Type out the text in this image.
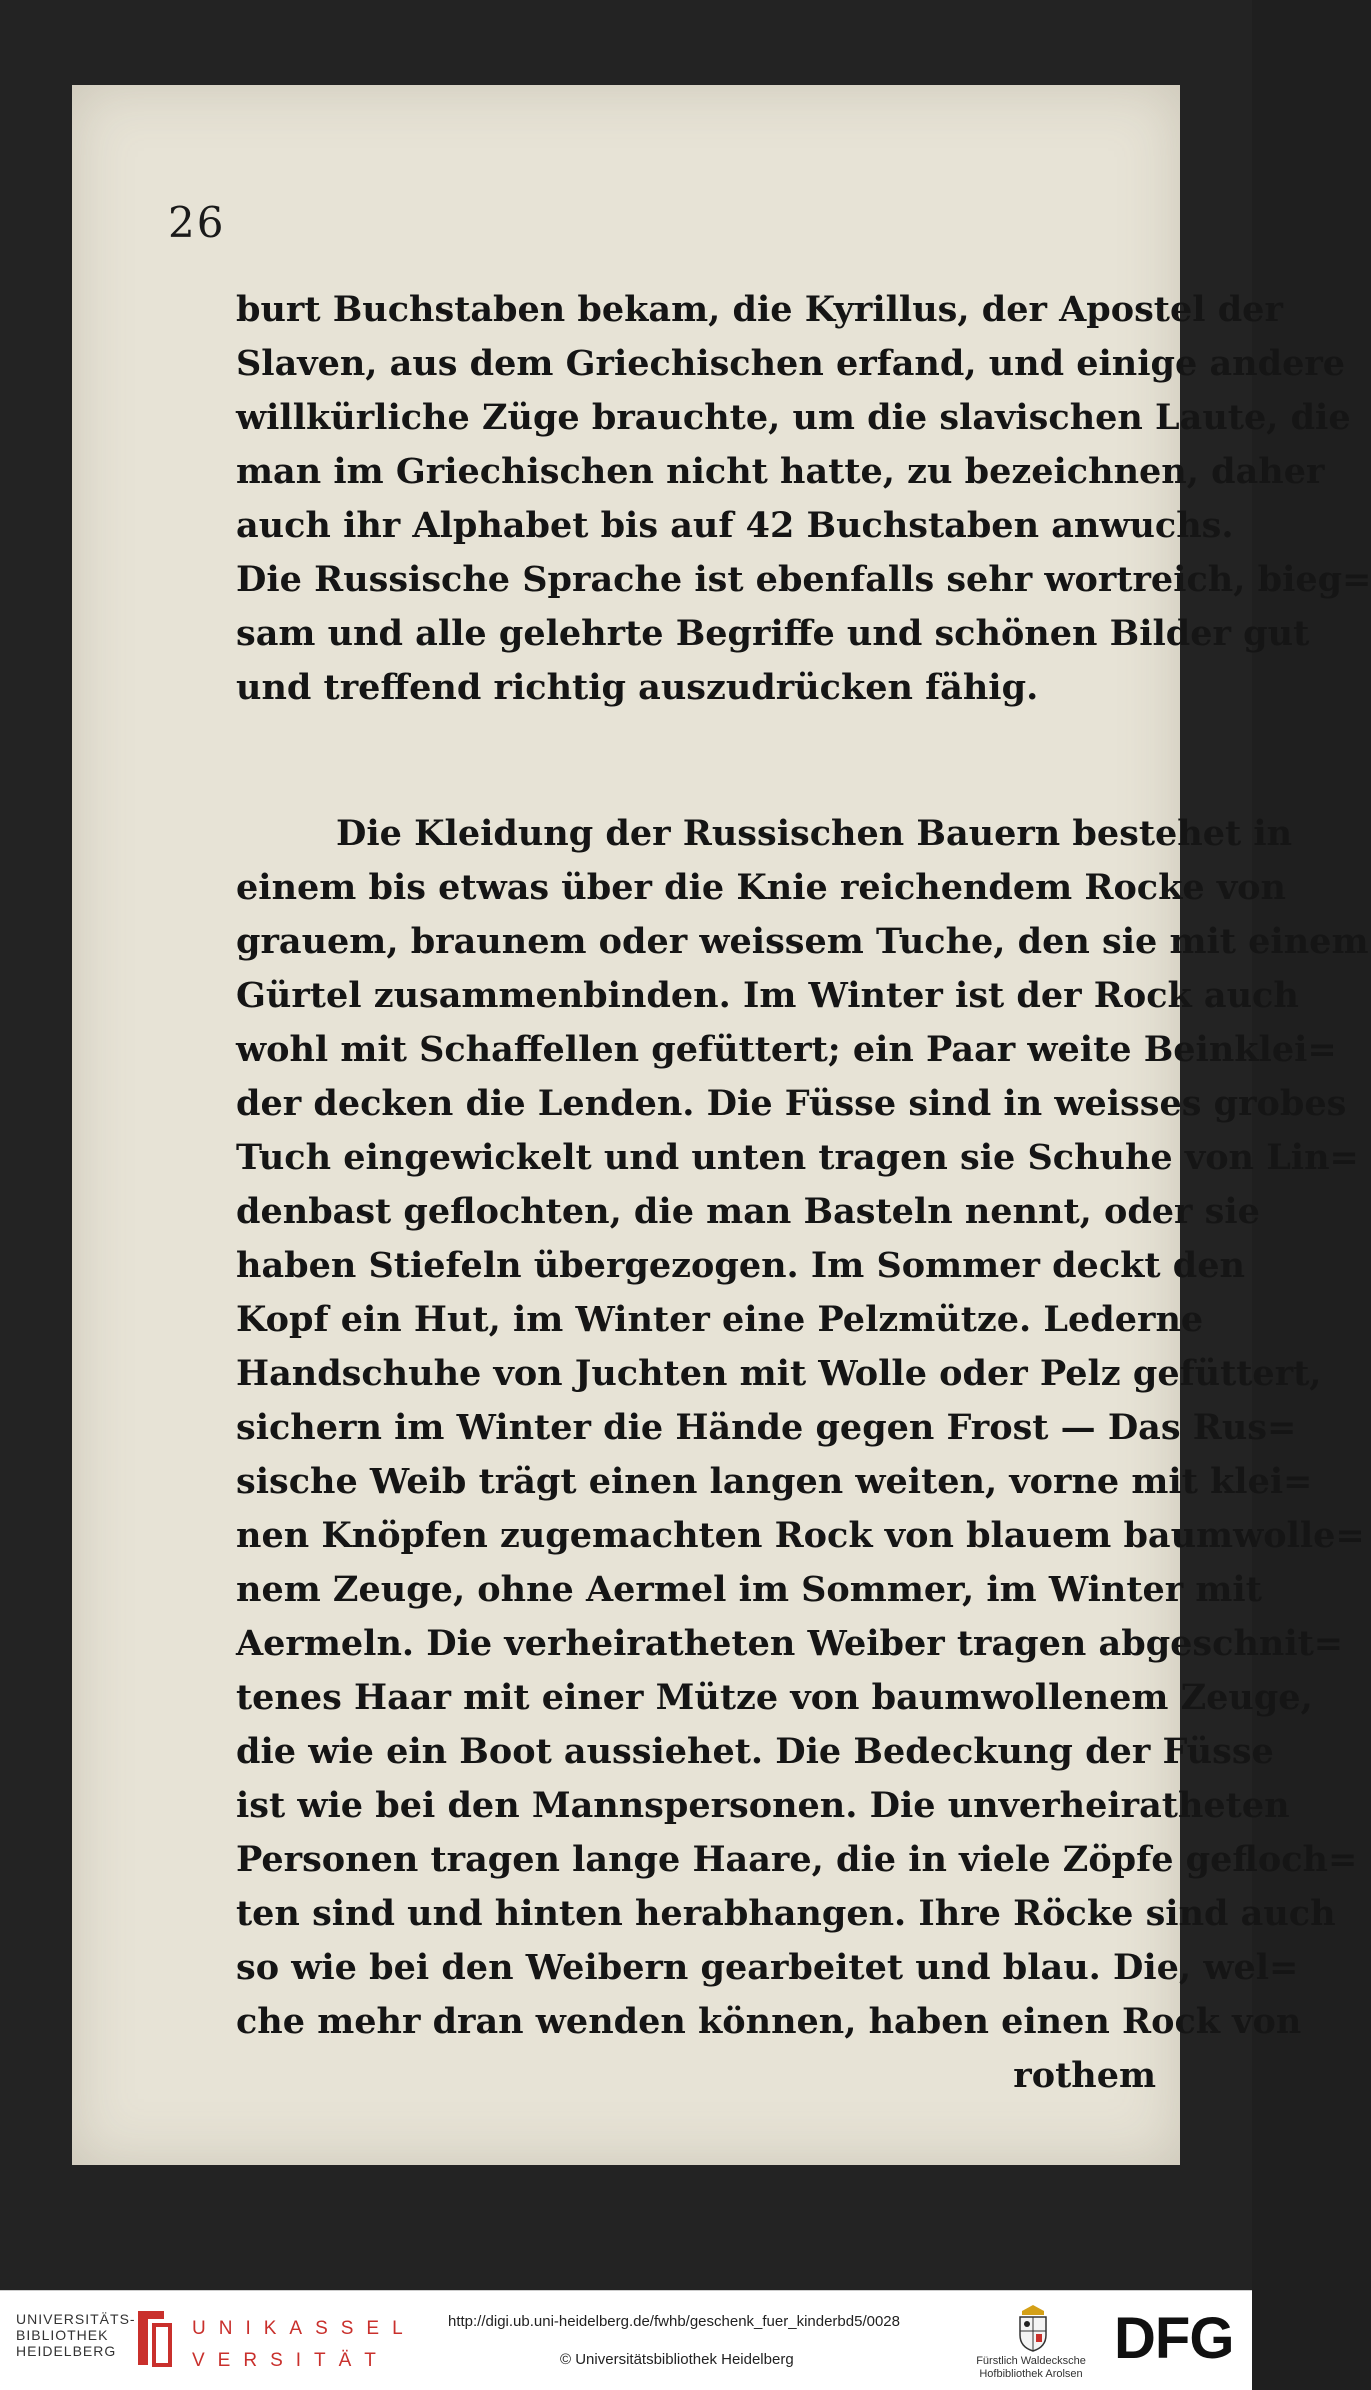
26
burt Buchstaben bekam, die Kyrillus, der Apostel der
Slaven, aus dem Griechischen erfand, und einige andere
willkürliche Züge brauchte, um die slavischen Laute, die
man im Griechischen nicht hatte, zu bezeichnen, daher
auch ihr Alphabet bis auf 42 Buchstaben anwuchs.
Die Russische Sprache ist ebenfalls sehr wortreich, bieg=
sam und alle gelehrte Begriffe und schönen Bilder gut
und treffend richtig auszudrücken fähig.
Die Kleidung der Russischen Bauern bestehet in
einem bis etwas über die Knie reichendem Rocke von
grauem, braunem oder weissem Tuche, den sie mit einem
Gürtel zusammenbinden. Im Winter ist der Rock auch
wohl mit Schaffellen gefüttert; ein Paar weite Beinklei=
der decken die Lenden. Die Füsse sind in weisses grobes
Tuch eingewickelt und unten tragen sie Schuhe von Lin=
denbast geflochten, die man Basteln nennt, oder sie
haben Stiefeln übergezogen. Im Sommer deckt den
Kopf ein Hut, im Winter eine Pelzmütze. Lederne
Handschuhe von Juchten mit Wolle oder Pelz gefüttert,
sichern im Winter die Hände gegen Frost — Das Rus=
sische Weib trägt einen langen weiten, vorne mit klei=
nen Knöpfen zugemachten Rock von blauem baumwolle=
nem Zeuge, ohne Aermel im Sommer, im Winter mit
Aermeln. Die verheiratheten Weiber tragen abgeschnit=
tenes Haar mit einer Mütze von baumwollenem Zeuge,
die wie ein Boot aussiehet. Die Bedeckung der Füsse
ist wie bei den Mannspersonen. Die unverheiratheten
Personen tragen lange Haare, die in viele Zöpfe gefloch=
ten sind und hinten herabhangen. Ihre Röcke sind auch
so wie bei den Weibern gearbeitet und blau. Die, wel=
che mehr dran wenden können, haben einen Rock von
rothem
UNIVERSITÄTS-
BIBLIOTHEK
HEIDELBERG
UNIKASSEL
VERSITÄT
http://digi.ub.uni-heidelberg.de/fwhb/geschenk_fuer_kinderbd5/0028
© Universitätsbibliothek Heidelberg	Fürstlich Waldecksche
Hofbibliothek Arolsen
DFG
